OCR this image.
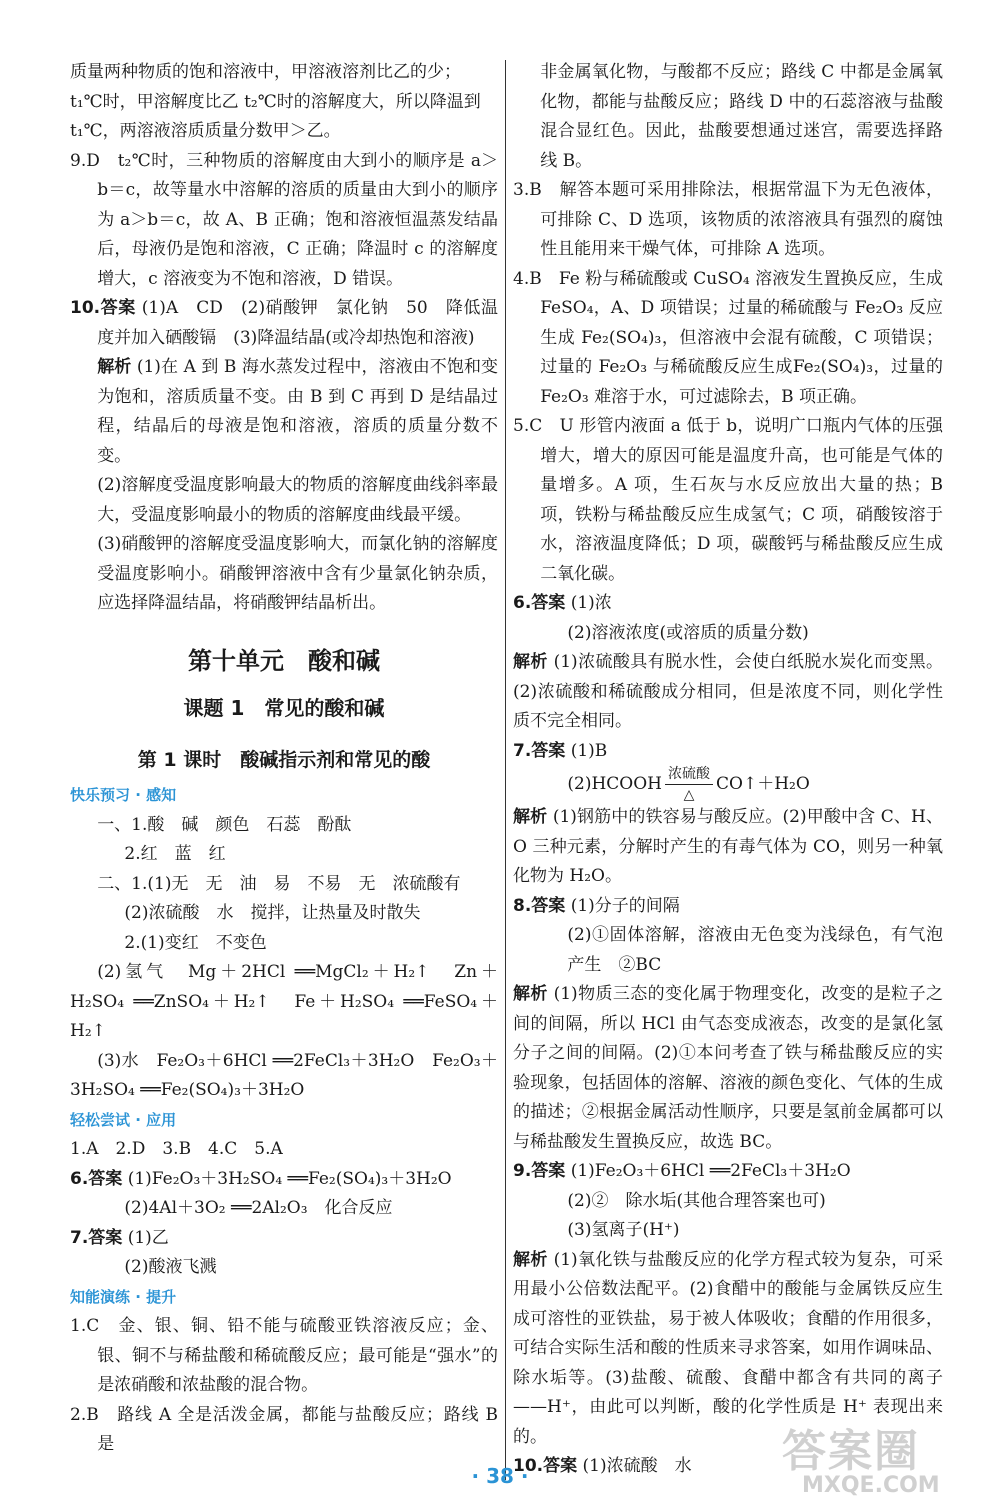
质量两种物质的饱和溶液中，甲溶液溶剂比乙的少；

t₁℃时，甲溶解度比乙 t₂℃时的溶解度大，所以降温到

t₁℃，两溶液溶质质量分数甲＞乙。

9.D　t₂℃时，三种物质的溶解度由大到小的顺序是 a＞b＝c，故等量水中溶解的溶质的质量由大到小的顺序为 a＞b＝c，故 A、B 正确；饱和溶液恒温蒸发结晶后，母液仍是饱和溶液，C 正确；降温时 c 的溶解度增大，c 溶液变为不饱和溶液，D 错误。

10.答案 (1)A　CD　(2)硝酸钾　氯化钠　50　降低温度并加入硒酸镉　(3)降温结晶(或冷却热饱和溶液)

解析 (1)在 A 到 B 海水蒸发过程中，溶液由不饱和变为饱和，溶质质量不变。由 B 到 C 再到 D 是结晶过程，结晶后的母液是饱和溶液，溶质的质量分数不变。

(2)溶解度受温度影响最大的物质的溶解度曲线斜率最大，受温度影响最小的物质的溶解度曲线最平缓。

(3)硝酸钾的溶解度受温度影响大，而氯化钠的溶解度受温度影响小。硝酸钾溶液中含有少量氯化钠杂质，应选择降温结晶，将硝酸钾结晶析出。

第十单元　酸和碱
课题 1　常见的酸和碱
第 1 课时　酸碱指示剂和常见的酸

快乐预习 · 感知

一、1.酸　碱　颜色　石蕊　酚酞

2.红　蓝　红

二、1.(1)无　无　油　易　不易　无　浓硫酸有

(2)浓硫酸　水　搅拌，让热量及时散失

2.(1)变红　不变色

(2)氢气　Mg＋2HCl ══MgCl₂＋H₂↑　Zn＋H₂SO₄ ══ZnSO₄＋H₂↑　Fe＋H₂SO₄ ══FeSO₄＋H₂↑

(3)水　Fe₂O₃＋6HCl ══2FeCl₃＋3H₂O　Fe₂O₃＋3H₂SO₄ ══Fe₂(SO₄)₃＋3H₂O

轻松尝试 · 应用

1.A　2.D　3.B　4.C　5.A

6.答案 (1)Fe₂O₃＋3H₂SO₄ ══Fe₂(SO₄)₃＋3H₂O

(2)4Al＋3O₂ ══2Al₂O₃　化合反应

7.答案 (1)乙

(2)酸液飞溅

知能演练 · 提升

1.C　金、银、铜、铅不能与硫酸亚铁溶液反应；金、银、铜不与稀盐酸和稀硫酸反应；最可能是“强水”的是浓硝酸和浓盐酸的混合物。

2.B　路线 A 全是活泼金属，都能与盐酸反应；路线 B 是

非金属氧化物，与酸都不反应；路线 C 中都是金属氧化物，都能与盐酸反应；路线 D 中的石蕊溶液与盐酸混合显红色。因此，盐酸要想通过迷宫，需要选择路线 B。

3.B　解答本题可采用排除法，根据常温下为无色液体，可排除 C、D 选项，该物质的浓溶液具有强烈的腐蚀性且能用来干燥气体，可排除 A 选项。

4.B　Fe 粉与稀硫酸或 CuSO₄ 溶液发生置换反应，生成 FeSO₄，A、D 项错误；过量的稀硫酸与 Fe₂O₃ 反应生成 Fe₂(SO₄)₃，但溶液中会混有硫酸，C 项错误；过量的 Fe₂O₃ 与稀硫酸反应生成Fe₂(SO₄)₃，过量的 Fe₂O₃ 难溶于水，可过滤除去，B 项正确。

5.C　U 形管内液面 a 低于 b，说明广口瓶内气体的压强增大，增大的原因可能是温度升高，也可能是气体的量增多。A 项，生石灰与水反应放出大量的热；B 项，铁粉与稀盐酸反应生成氢气；C 项，硝酸铵溶于水，溶液温度降低；D 项，碳酸钙与稀盐酸反应生成二氧化碳。

6.答案 (1)浓

(2)溶液浓度(或溶质的质量分数)

解析 (1)浓硫酸具有脱水性，会使白纸脱水炭化而变黑。(2)浓硫酸和稀硫酸成分相同，但是浓度不同，则化学性质不完全相同。

7.答案 (1)B

(2)HCOOH 浓硫酸
△
CO↑＋H₂O

解析 (1)钢筋中的铁容易与酸反应。(2)甲酸中含 C、H、O 三种元素，分解时产生的有毒气体为 CO，则另一种氧化物为 H₂O。

8.答案 (1)分子的间隔

(2)①固体溶解，溶液由无色变为浅绿色，有气泡产生　②BC

解析 (1)物质三态的变化属于物理变化，改变的是粒子之间的间隔，所以 HCl 由气态变成液态，改变的是氯化氢分子之间的间隔。(2)①本问考查了铁与稀盐酸反应的实验现象，包括固体的溶解、溶液的颜色变化、气体的生成的描述；②根据金属活动性顺序，只要是氢前金属都可以与稀盐酸发生置换反应，故选 BC。

9.答案 (1)Fe₂O₃＋6HCl ══2FeCl₃＋3H₂O

(2)②　除水垢(其他合理答案也可)

(3)氢离子(H⁺)

解析 (1)氧化铁与盐酸反应的化学方程式较为复杂，可采用最小公倍数法配平。(2)食醋中的酸能与金属铁反应生成可溶性的亚铁盐，易于被人体吸收；食醋的作用很多，可结合实际生活和酸的性质来寻求答案，如用作调味品、除水垢等。(3)盐酸、硫酸、食醋中都含有共同的离子——H⁺，由此可以判断，酸的化学性质是 H⁺ 表现出来的。

10.答案 (1)浓硫酸　水

· 38 ·	答案圈
MXQE.COM
